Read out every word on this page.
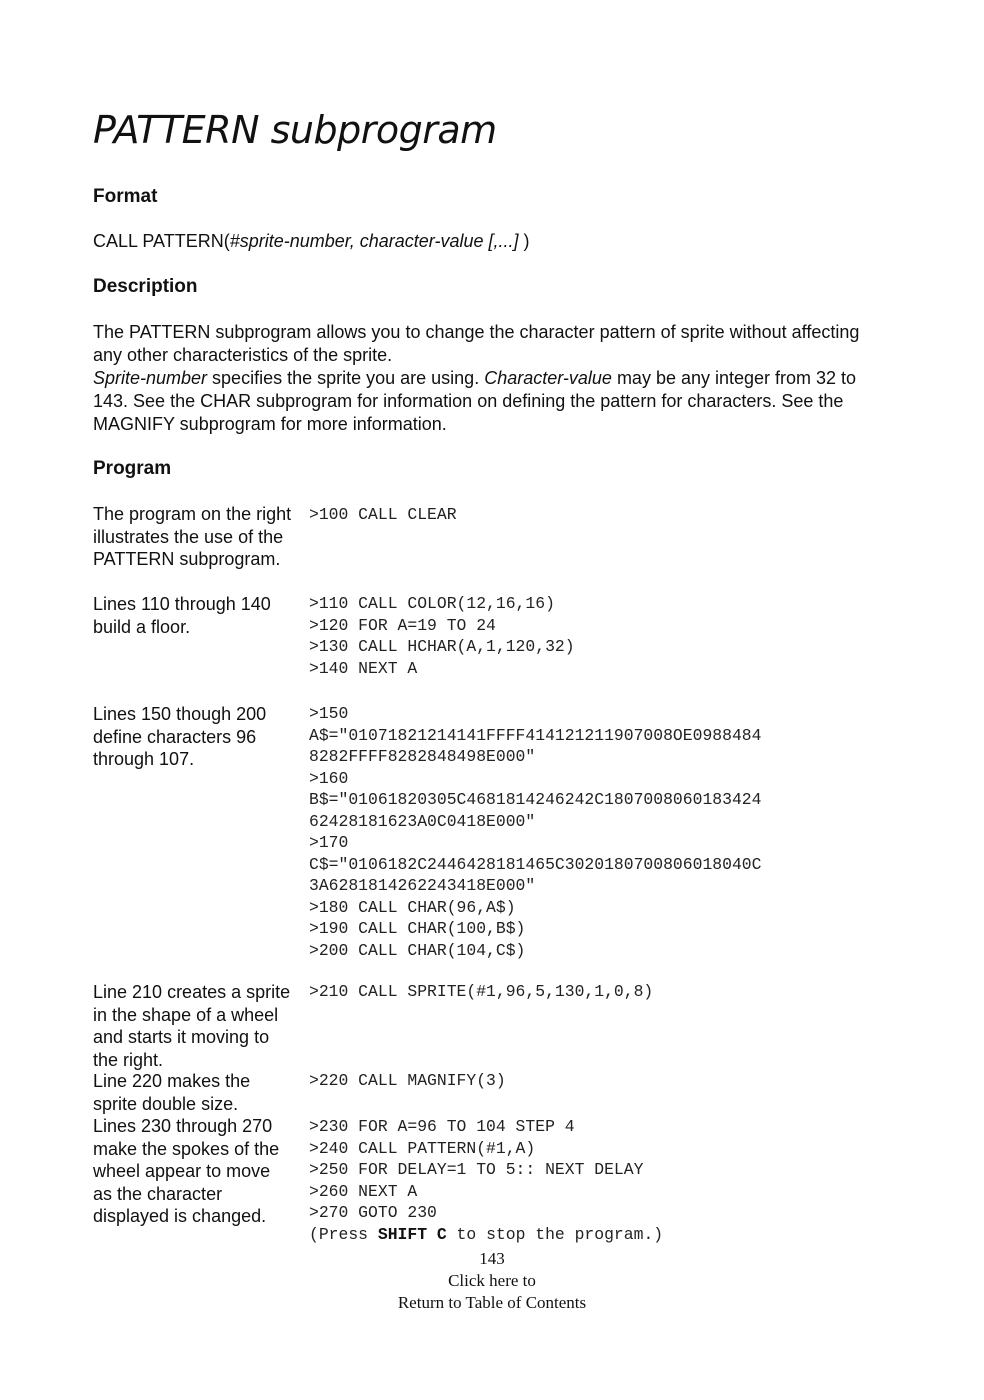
PATTERN subprogram
Format

CALL PATTERN(#sprite-number, character-value [,...] )

Description

The PATTERN subprogram allows you to change the character pattern of sprite without affecting any other characteristics of the sprite.

Sprite-number specifies the sprite you are using. Character-value may be any integer from 32 to 143. See the CHAR subprogram for information on defining the pattern for characters. See the MAGNIFY subprogram for more information.

Program

The program on the right illustrates the use of the PATTERN subprogram.

Lines 110 through 140 build a floor.

Lines 150 though 200 define characters 96 through 107.

Line 210 creates a sprite in the shape of a wheel and starts it moving to the right.

Line 220 makes the sprite double size.

Lines 230 through 270 make the spokes of the wheel appear to move as the character displayed is changed.

>100 CALL CLEAR
>110 CALL COLOR(12,16,16)
>120 FOR A=19 TO 24
>130 CALL HCHAR(A,1,120,32)
>140 NEXT A
>150
A$="01071821214141FFFF414121211907008OE0988484
8282FFFF8282848498E000"
>160
B$="01061820305C4681814246242C1807008060183424
62428181623A0C0418E000"
>170
C$="0106182C2446428181465C3020180700806018040C
3A6281814262243418E000"
>180 CALL CHAR(96,A$)
>190 CALL CHAR(100,B$)
>200 CALL CHAR(104,C$)
>210 CALL SPRITE(#1,96,5,130,1,0,8)
>220 CALL MAGNIFY(3)
>230 FOR A=96 TO 104 STEP 4
>240 CALL PATTERN(#1,A)
>250 FOR DELAY=1 TO 5:: NEXT DELAY
>260 NEXT A
>270 GOTO 230
(Press SHIFT C to stop the program.)
143
Click here to
Return to Table of Contents
